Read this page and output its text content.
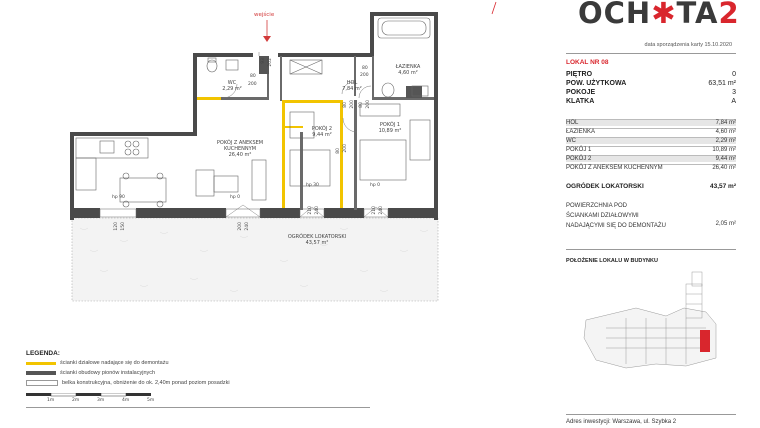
wejście
WC
2,29 m²
HOL
7,84 m²
ŁAZIENKA
4,60 m²
POKÓJ 2
9,44 m²
POKÓJ 1
10,89 m²
POKÓJ Z ANEKSEM
KUCHENNYM
26,40 m²
OGRÓDEK LOKATORSKI
43,57 m²
93 202
80
200
80
200
80 200 80 200
80 200
hp 90	hp 0
hp 30	hp 0
120 150	200 240
210 240	210 240
LEGENDA:
ścianki działowe nadające się do demontażu
ścianki obudowy pionów instalacyjnych
belka konstrukcyjna, obniżenie do ok. 2,40m ponad poziom posadzki
1m	2m	3m	4m	5m
OCH✱TA2
data sporządzenia karty 15.10.2020
LOKAL NR 08
PIĘTRO	0
POW. UŻYTKOWA	63,51 m²
POKOJE	3
KLATKA	A
HOL	7,84 m²
ŁAZIENKA	4,60 m²
WC	2,29 m²
POKÓJ 1	10,89 m²
POKÓJ 2	9,44 m²
POKÓJ Z ANEKSEM KUCHENNYM	26,40 m²
OGRÓDEK LOKATORSKI	43,57 m²
POWIERZCHNIA POD
ŚCIANKAMI DZIAŁOWYMI
NADAJĄCYMI SIĘ DO DEMONTAŻU	2,05 m²
POŁOŻENIE LOKALU W BUDYNKU
Adres inwestycji: Warszawa, ul. Szybka 2
